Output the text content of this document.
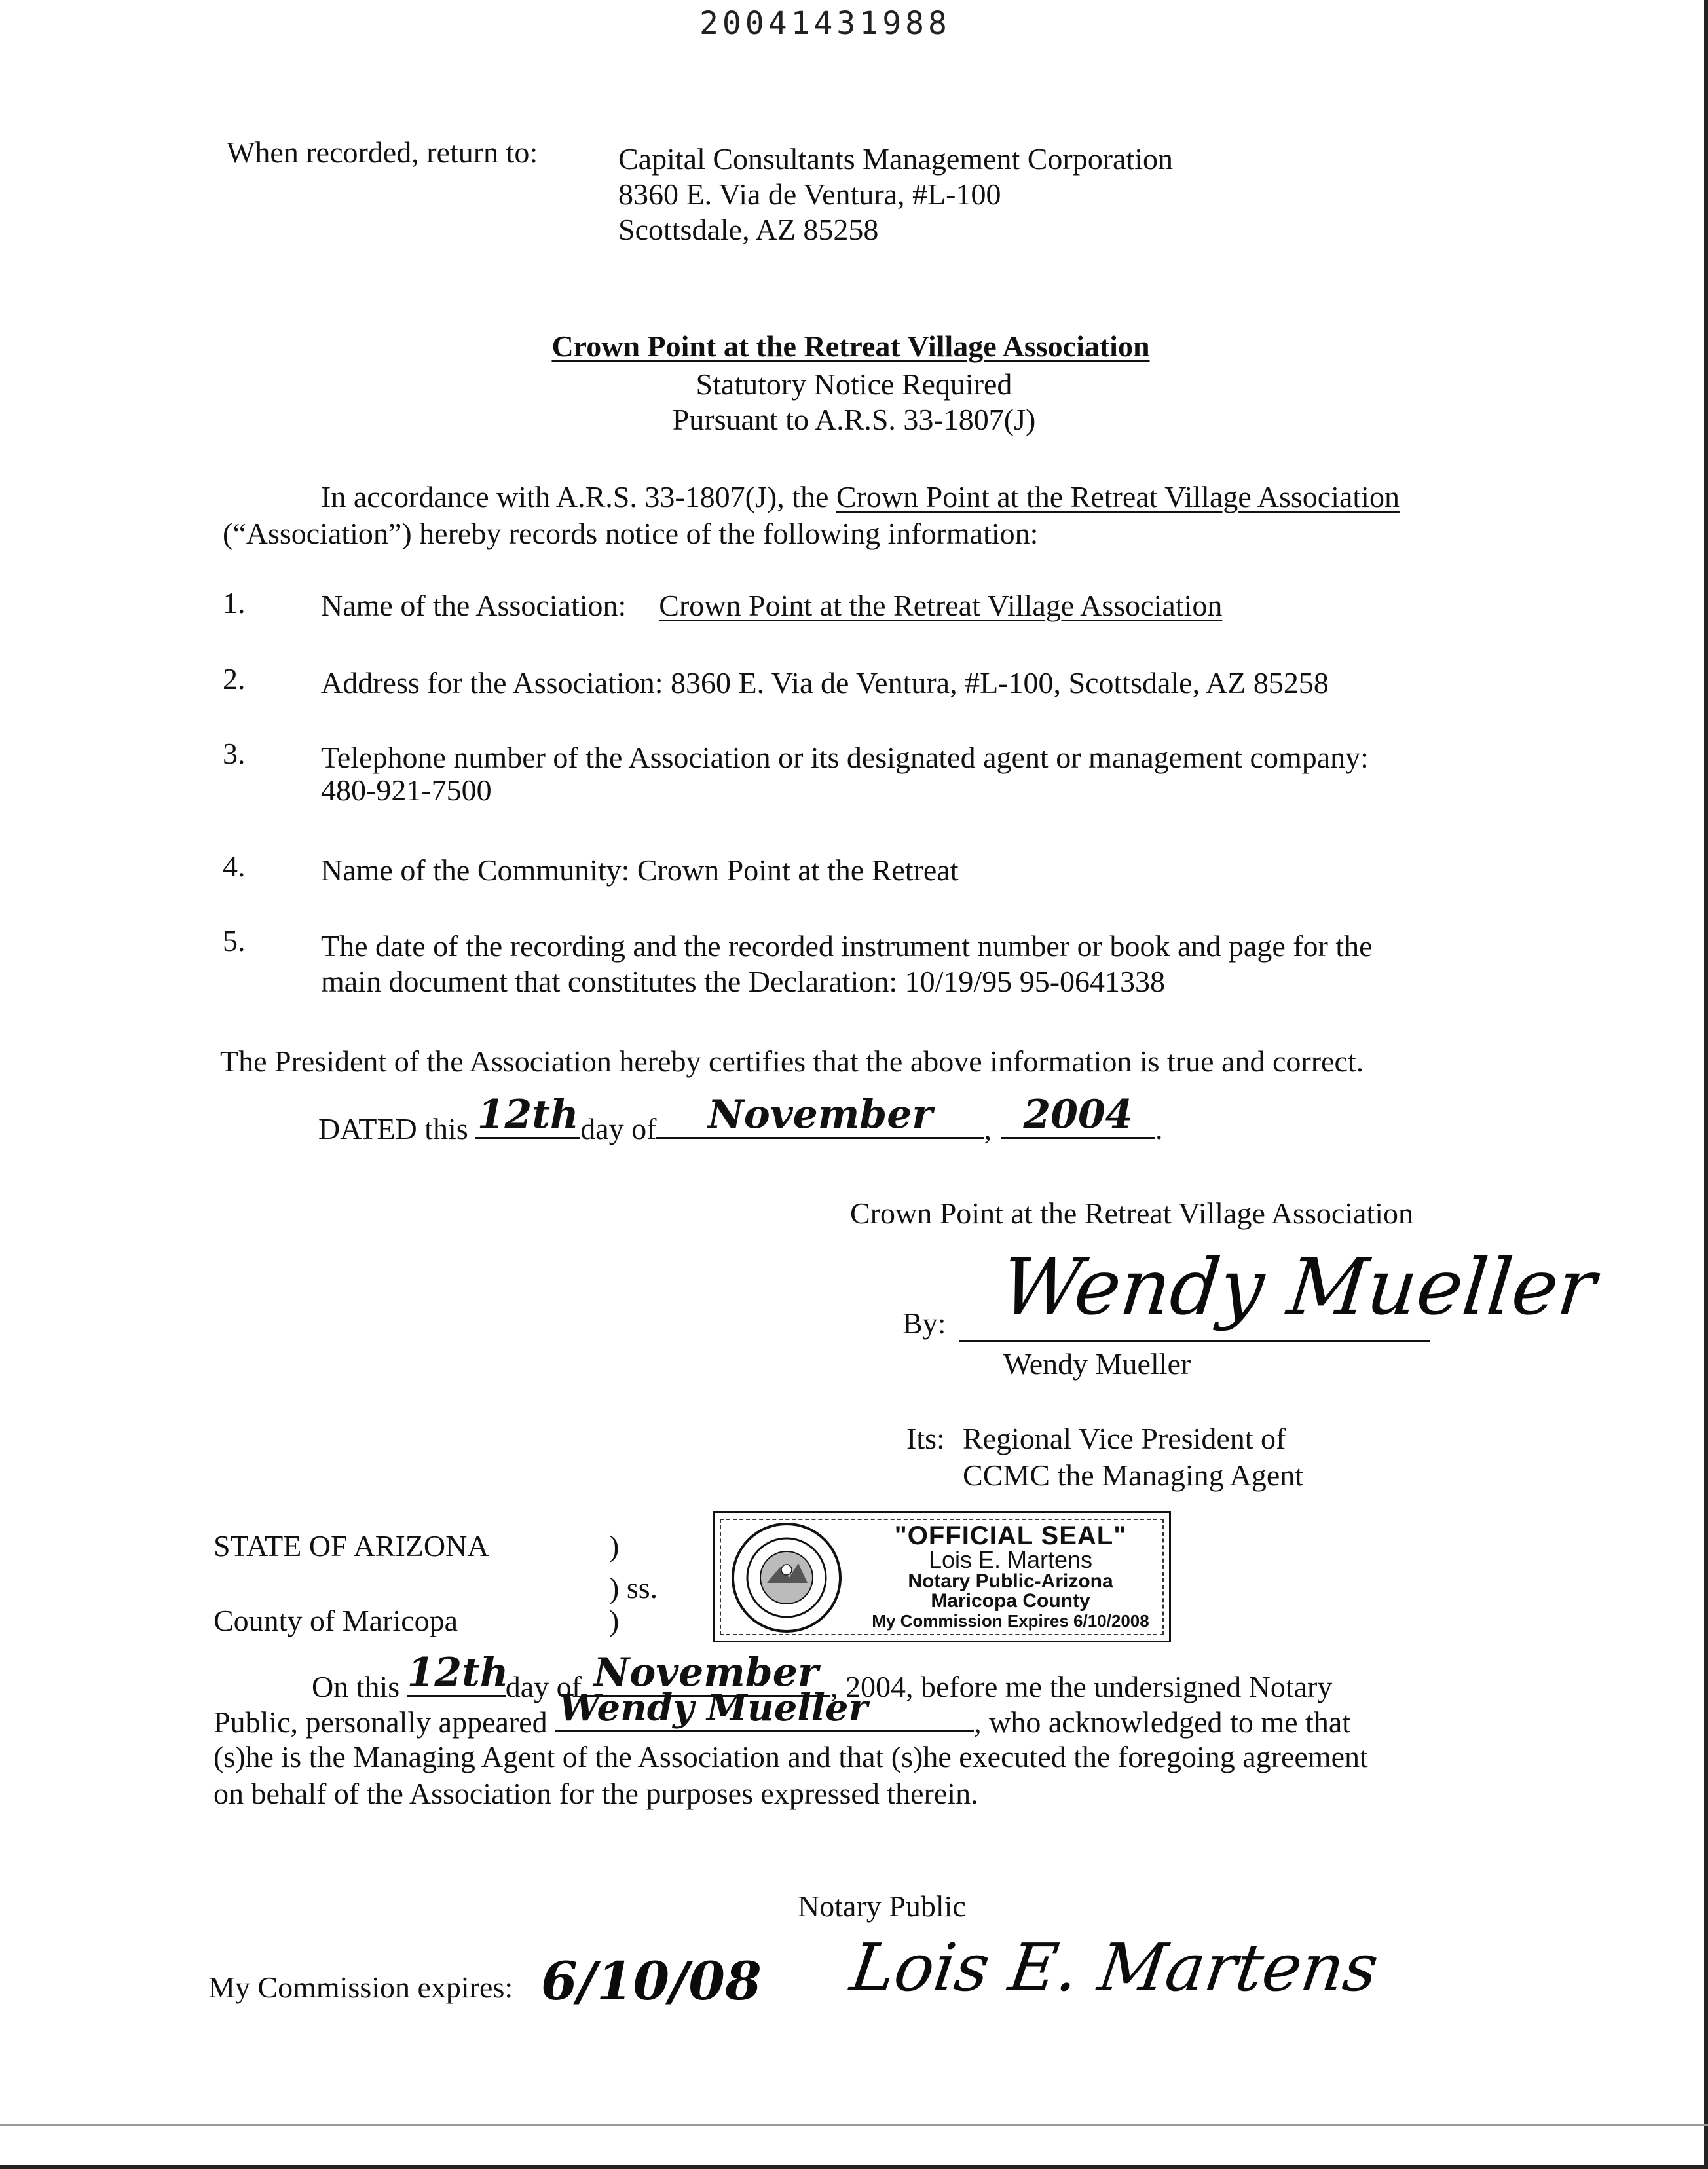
20041431988
When recorded, return to:	Capital Consultants Management Corporation
8360 E. Via de Ventura, #L-100
Scottsdale, AZ 85258
Crown Point at the Retreat Village Association
Statutory Notice Required
Pursuant to A.R.S. 33-1807(J)
In accordance with A.R.S. 33-1807(J), the Crown Point at the Retreat Village Association
(“Association”) hereby records notice of the following information:
1.	Name of the Association: Crown Point at the Retreat Village Association
2.	Address for the Association: 8360 E. Via de Ventura, #L-100, Scottsdale, AZ 85258
3.	Telephone number of the Association or its designated agent or management company:
480-921-7500
4.	Name of the Community: Crown Point at the Retreat
5.	The date of the recording and the recorded instrument number or book and page for the
main document that constitutes the Declaration: 10/19/95 95-0641338
The President of the Association hereby certifies that the above information is true and correct.
DATED this 12th day of	November	, 2004 .
Crown Point at the Retreat Village Association
By: Wendy Mueller
Wendy Mueller
Its: Regional Vice President of
CCMC the Managing Agent
STATE OF ARIZONA	)
) ss.
County of Maricopa	)
"OFFICIAL SEAL"
Lois E. Martens
Notary Public-Arizona
Maricopa County
My Commission Expires 6/10/2008
On this 12th
day of November , 2004, before me the undersigned Notary
Public, personally appeared Wendy Mueller	, who acknowledged to me that
(s)he is the Managing Agent of the Association and that (s)he executed the foregoing agreement
on behalf of the Association for the purposes expressed therein.
Notary Public
Lois E. Martens
My Commission expires: 6/10/08
